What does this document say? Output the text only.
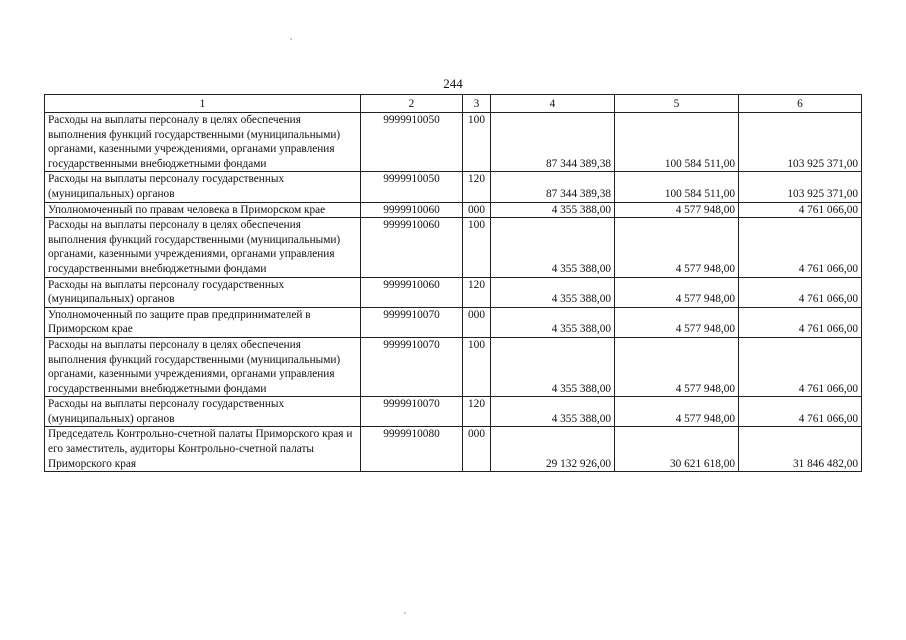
244
1	2	3	4	5	6
Расходы на выплаты персоналу в целях обеспечения выполнения функций государственными (муниципальными) органами, казенными учреждениями, органами управления государственными внебюджетными фондами	9999910050	100	87 344 389,38	100 584 511,00	103 925 371,00
Расходы на выплаты персоналу государственных (муниципальных) органов	9999910050	120	87 344 389,38	100 584 511,00	103 925 371,00
Уполномоченный по правам человека в Приморском крае	9999910060	000	4 355 388,00	4 577 948,00	4 761 066,00
Расходы на выплаты персоналу в целях обеспечения выполнения функций государственными (муниципальными) органами, казенными учреждениями, органами управления государственными внебюджетными фондами	9999910060	100	4 355 388,00	4 577 948,00	4 761 066,00
Расходы на выплаты персоналу государственных (муниципальных) органов	9999910060	120	4 355 388,00	4 577 948,00	4 761 066,00
Уполномоченный по защите прав предпринимателей в Приморском крае	9999910070	000	4 355 388,00	4 577 948,00	4 761 066,00
Расходы на выплаты персоналу в целях обеспечения выполнения функций государственными (муниципальными) органами, казенными учреждениями, органами управления государственными внебюджетными фондами	9999910070	100	4 355 388,00	4 577 948,00	4 761 066,00
Расходы на выплаты персоналу государственных (муниципальных) органов	9999910070	120	4 355 388,00	4 577 948,00	4 761 066,00
Председатель Контрольно-счетной палаты Приморского края и его заместитель, аудиторы Контрольно-счетной палаты Приморского края	9999910080	000	29 132 926,00	30 621 618,00	31 846 482,00
